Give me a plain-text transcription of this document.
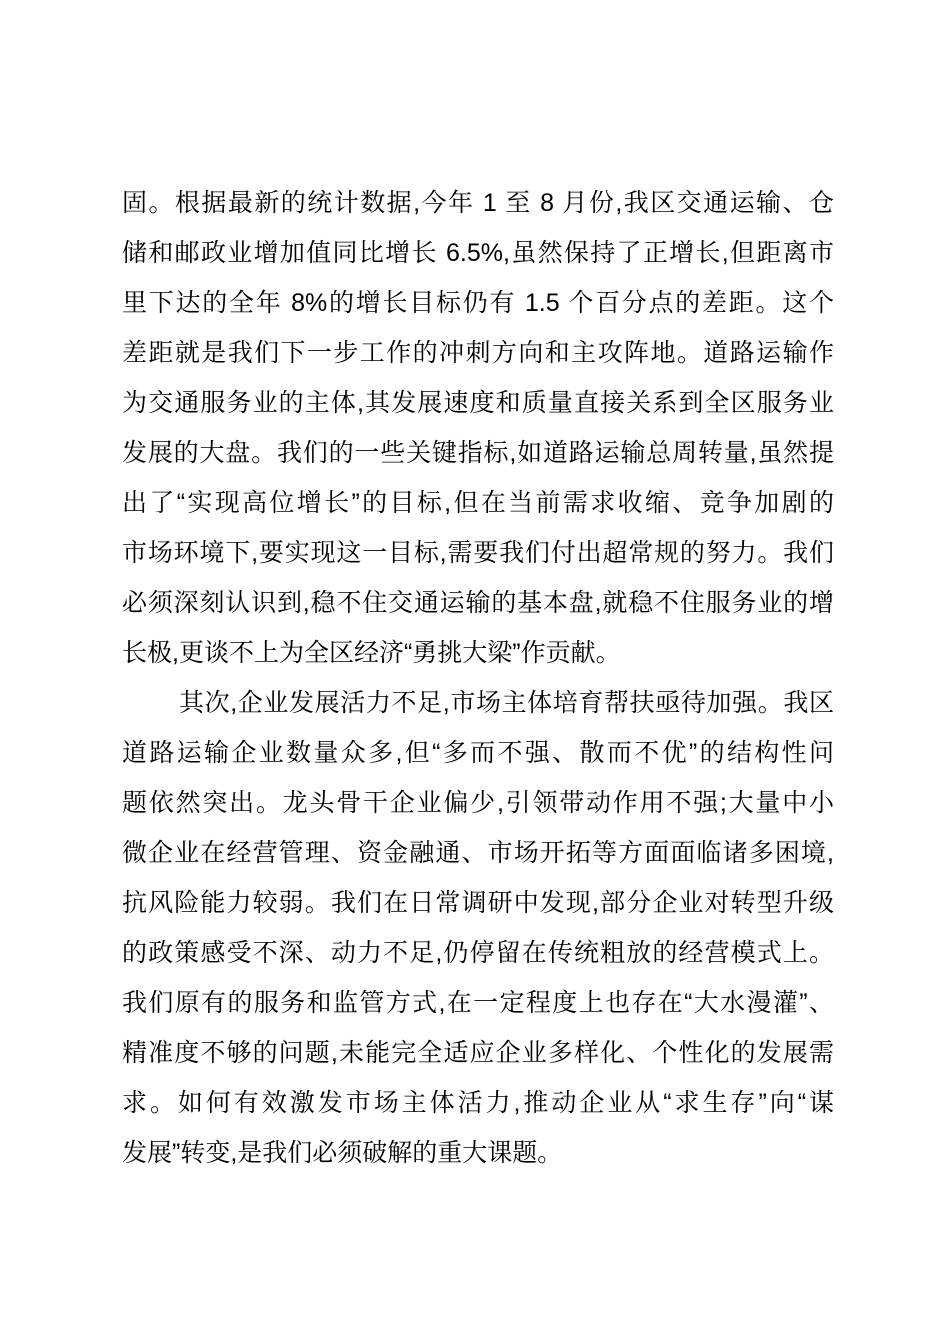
固。根据最新的统计数据,今年 1 至 8 月份,我区交通运输、仓
储和邮政业增加值同比增长 6.5%,虽然保持了正增长,但距离市
里下达的全年 8%的增长目标仍有 1.5 个百分点的差距。这个
差距就是我们下一步工作的冲刺方向和主攻阵地。道路运输作
为交通服务业的主体,其发展速度和质量直接关系到全区服务业
发展的大盘。我们的一些关键指标,如道路运输总周转量,虽然提
出了“实现高位增长”的目标,但在当前需求收缩、竞争加剧的
市场环境下,要实现这一目标,需要我们付出超常规的努力。我们
必须深刻认识到,稳不住交通运输的基本盘,就稳不住服务业的增
长极,更谈不上为全区经济“勇挑大梁”作贡献。
其次,企业发展活力不足,市场主体培育帮扶亟待加强。我区
道路运输企业数量众多,但“多而不强、散而不优”的结构性问
题依然突出。龙头骨干企业偏少,引领带动作用不强;大量中小
微企业在经营管理、资金融通、市场开拓等方面面临诸多困境,
抗风险能力较弱。我们在日常调研中发现,部分企业对转型升级
的政策感受不深、动力不足,仍停留在传统粗放的经营模式上。
我们原有的服务和监管方式,在一定程度上也存在“大水漫灌”、
精准度不够的问题,未能完全适应企业多样化、个性化的发展需
求。如何有效激发市场主体活力,推动企业从“求生存”向“谋
发展”转变,是我们必须破解的重大课题。
